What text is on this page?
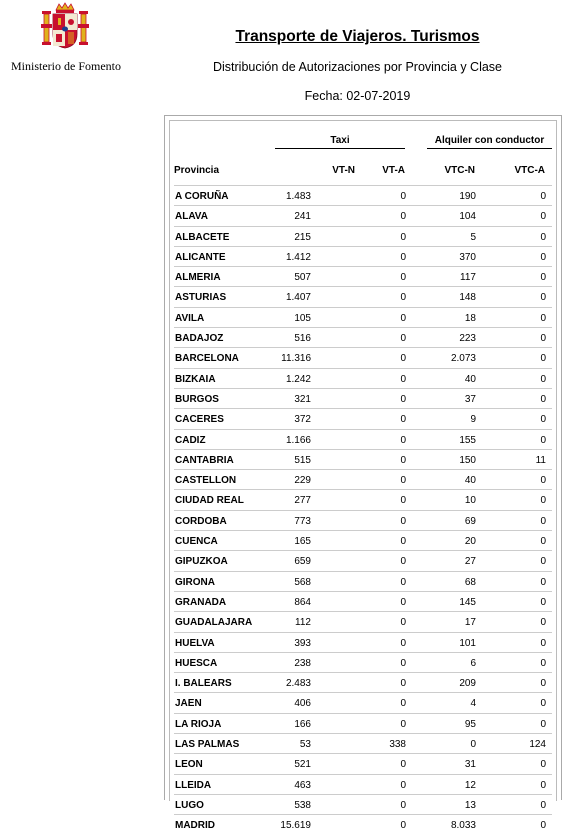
Ministerio de Fomento
Transporte de Viajeros. Turismos
Distribución de Autorizaciones por Provincia y Clase
Fecha: 02-07-2019
Taxi	Alquiler con conductor
Provincia	VT-N	VT-A	VTC-N	VTC-A
A CORUÑA	1.483	0	190	0
ALAVA	241	0	104	0
ALBACETE	215	0	5	0
ALICANTE	1.412	0	370	0
ALMERIA	507	0	117	0
ASTURIAS	1.407	0	148	0
AVILA	105	0	18	0
BADAJOZ	516	0	223	0
BARCELONA	11.316	0	2.073	0
BIZKAIA	1.242	0	40	0
BURGOS	321	0	37	0
CACERES	372	0	9	0
CADIZ	1.166	0	155	0
CANTABRIA	515	0	150	11
CASTELLON	229	0	40	0
CIUDAD REAL	277	0	10	0
CORDOBA	773	0	69	0
CUENCA	165	0	20	0
GIPUZKOA	659	0	27	0
GIRONA	568	0	68	0
GRANADA	864	0	145	0
GUADALAJARA	112	0	17	0
HUELVA	393	0	101	0
HUESCA	238	0	6	0
I. BALEARS	2.483	0	209	0
JAEN	406	0	4	0
LA RIOJA	166	0	95	0
LAS PALMAS	53	338	0	124
LEON	521	0	31	0
LLEIDA	463	0	12	0
LUGO	538	0	13	0
MADRID	15.619	0	8.033	0
